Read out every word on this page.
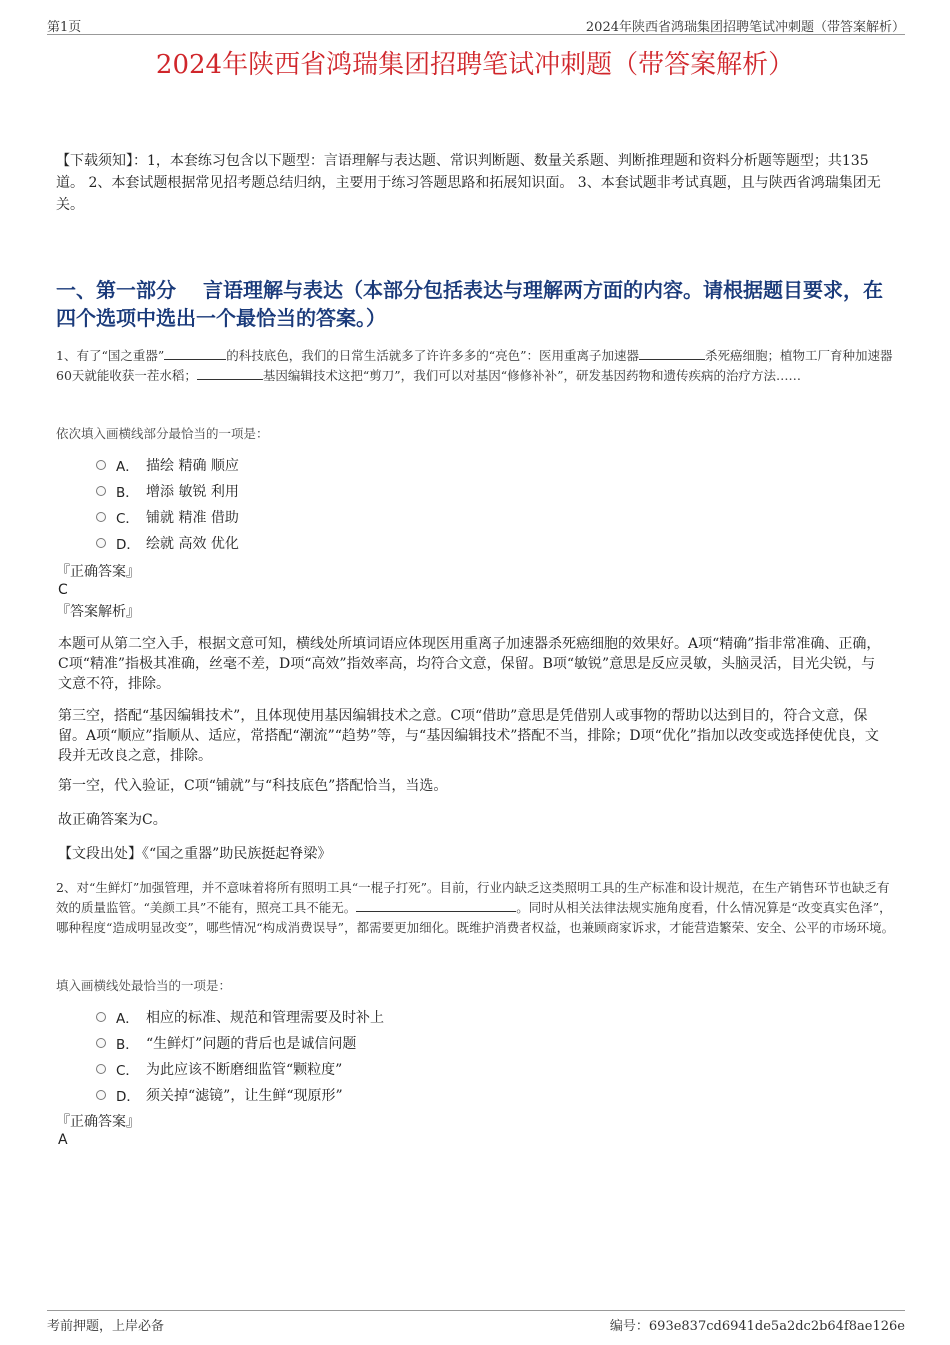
第1页	2024年陕西省鸿瑞集团招聘笔试冲刺题（带答案解析）
2024年陕西省鸿瑞集团招聘笔试冲刺题（带答案解析）

【下载须知】：1，本套练习包含以下题型：言语理解与表达题、常识判断题、数量关系题、判断推理题和资料分析题等题型；共135道。 2、本套试题根据常见招考题总结归纳，主要用于练习答题思路和拓展知识面。 3、本套试题非考试真题，且与陕西省鸿瑞集团无关。

一、第一部分　 言语理解与表达（本部分包括表达与理解两方面的内容。请根据题目要求，在四个选项中选出一个最恰当的答案。）

1、有了“国之重器”	的科技底色，我们的日常生活就多了许许多多的“亮色”：医用重离子加速器	杀死癌细胞；植物工厂育种加速器60天就能收获一茬水稻；	基因编辑技术这把“剪刀”，我们可以对基因“修修补补”，研发基因药物和遗传疾病的治疗方法……

依次填入画横线部分最恰当的一项是：

A． 描绘 精确 顺应
B． 增添 敏锐 利用
C． 铺就 精准 借助
D． 绘就 高效 优化

『正确答案』

C

『答案解析』

本题可从第二空入手，根据文意可知，横线处所填词语应体现医用重离子加速器杀死癌细胞的效果好。A项“精确”指非常准确、正确，C项“精准”指极其准确，丝毫不差，D项“高效”指效率高，均符合文意，保留。B项“敏锐”意思是反应灵敏，头脑灵活，目光尖锐，与文意不符，排除。

第三空，搭配“基因编辑技术”，且体现使用基因编辑技术之意。C项“借助”意思是凭借别人或事物的帮助以达到目的，符合文意，保留。A项“顺应”指顺从、适应，常搭配“潮流”“趋势”等，与“基因编辑技术”搭配不当，排除；D项“优化”指加以改变或选择使优良，文段并无改良之意，排除。

第一空，代入验证，C项“铺就”与“科技底色”搭配恰当，当选。

故正确答案为C。

【文段出处】《“国之重器”助民族挺起脊梁》

2、对“生鲜灯”加强管理，并不意味着将所有照明工具“一棍子打死”。目前，行业内缺乏这类照明工具的生产标准和设计规范，在生产销售环节也缺乏有效的质量监管。“美颜工具”不能有，照亮工具不能无。	。同时从相关法律法规实施角度看，什么情况算是“改变真实色泽”，哪种程度“造成明显改变”，哪些情况“构成消费误导”，都需要更加细化。既维护消费者权益，也兼顾商家诉求，才能营造繁荣、安全、公平的市场环境。

填入画横线处最恰当的一项是：

A． 相应的标准、规范和管理需要及时补上
B． “生鲜灯”问题的背后也是诚信问题
C． 为此应该不断磨细监管“颗粒度”
D． 须关掉“滤镜”，让生鲜“现原形”

『正确答案』

A

考前押题，上岸必备	编号：693e837cd6941de5a2dc2b64f8ae126e
